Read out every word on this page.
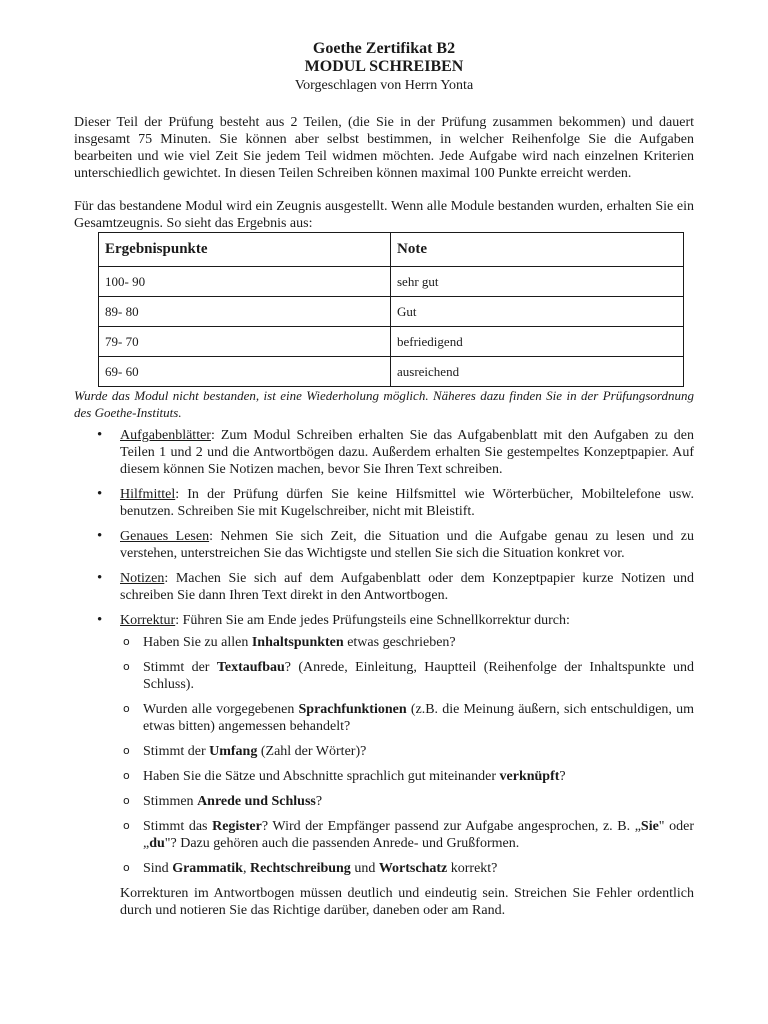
Goethe Zertifikat B2
MODUL SCHREIBEN
Vorgeschlagen von Herrn Yonta

Dieser Teil der Prüfung besteht aus 2 Teilen, (die Sie in der Prüfung zusammen bekommen) und dauert insgesamt 75 Minuten. Sie können aber selbst bestimmen, in welcher Reihenfolge Sie die Aufgaben bearbeiten und wie viel Zeit Sie jedem Teil widmen möchten. Jede Aufgabe wird nach einzelnen Kriterien unterschiedlich gewichtet. In diesen Teilen Schreiben können maximal 100 Punkte erreicht werden.

Für das bestandene Modul wird ein Zeugnis ausgestellt. Wenn alle Module bestanden wurden, erhalten Sie ein Gesamtzeugnis. So sieht das Ergebnis aus:

Ergebnispunkte	Note
100- 90	sehr gut
89- 80	Gut
79- 70	befriedigend
69- 60	ausreichend

Wurde das Modul nicht bestanden, ist eine Wiederholung möglich. Näheres dazu finden Sie in der Prüfungsordnung des Goethe-Instituts.

• Aufgabenblätter: Zum Modul Schreiben erhalten Sie das Aufgabenblatt mit den Aufgaben zu den Teilen 1 und 2 und die Antwortbögen dazu. Außerdem erhalten Sie gestempeltes Konzeptpapier. Auf diesem können Sie Notizen machen, bevor Sie Ihren Text schreiben.
• Hilfmittel: In der Prüfung dürfen Sie keine Hilfsmittel wie Wörterbücher, Mobiltelefone usw. benutzen. Schreiben Sie mit Kugelschreiber, nicht mit Bleistift.
• Genaues Lesen: Nehmen Sie sich Zeit, die Situation und die Aufgabe genau zu lesen und zu verstehen, unterstreichen Sie das Wichtigste und stellen Sie sich die Situation konkret vor.
• Notizen: Machen Sie sich auf dem Aufgabenblatt oder dem Konzeptpapier kurze Notizen und schreiben Sie dann Ihren Text direkt in den Antwortbogen.
• Korrektur: Führen Sie am Ende jedes Prüfungsteils eine Schnellkorrektur durch:
o Haben Sie zu allen Inhaltspunkten etwas geschrieben?
o Stimmt der Textaufbau? (Anrede, Einleitung, Hauptteil (Reihenfolge der Inhaltspunkte und Schluss).
o Wurden alle vorgegebenen Sprachfunktionen (z.B. die Meinung äußern, sich entschuldigen, um etwas bitten) angemessen behandelt?
o Stimmt der Umfang (Zahl der Wörter)?
o Haben Sie die Sätze und Abschnitte sprachlich gut miteinander verknüpft?
o Stimmen Anrede und Schluss?
o Stimmt das Register? Wird der Empfänger passend zur Aufgabe angesprochen, z. B. „Sie" oder „du"? Dazu gehören auch die passenden Anrede- und Grußformen.
o Sind Grammatik, Rechtschreibung und Wortschatz korrekt?

Korrekturen im Antwortbogen müssen deutlich und eindeutig sein. Streichen Sie Fehler ordentlich durch und notieren Sie das Richtige darüber, daneben oder am Rand.
